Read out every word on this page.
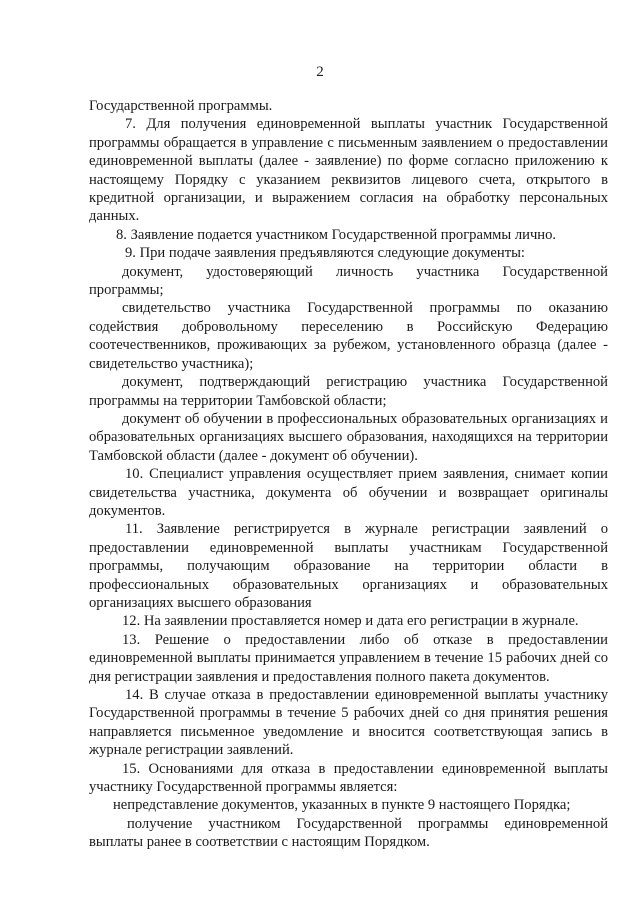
2

Государственной программы.

7. Для получения единовременной выплаты участник Государственной программы обращается в управление с письменным заявлением о предоставлении единовременной выплаты (далее - заявление) по форме согласно приложению к настоящему Порядку с указанием реквизитов лицевого счета, открытого в кредитной организации, и выражением согласия на обработку персональных данных.

8. Заявление подается участником Государственной программы лично.

9. При подаче заявления предъявляются следующие документы:

документ, удостоверяющий личность участника Государственной программы;

свидетельство участника Государственной программы по оказанию содействия добровольному переселению в Российскую Федерацию соотечественников, проживающих за рубежом, установленного образца (далее - свидетельство участника);

документ, подтверждающий регистрацию участника Государственной программы на территории Тамбовской области;

документ об обучении в профессиональных образовательных организациях и образовательных организациях высшего образования, находящихся на территории Тамбовской области (далее - документ об обучении).

10. Специалист управления осуществляет прием заявления, снимает копии свидетельства участника, документа об обучении и возвращает оригиналы документов.

11. Заявление регистрируется в журнале регистрации заявлений о предоставлении единовременной выплаты участникам Государственной программы, получающим образование на территории области в профессиональных образовательных организациях и образовательных организациях высшего образования

12. На заявлении проставляется номер и дата его регистрации в журнале.

13. Решение о предоставлении либо об отказе в предоставлении единовременной выплаты принимается управлением в течение 15 рабочих дней со дня регистрации заявления и предоставления полного пакета документов.

14. В случае отказа в предоставлении единовременной выплаты участнику Государственной программы в течение 5 рабочих дней со дня принятия решения направляется письменное уведомление и вносится соответствующая запись в журнале регистрации заявлений.

15. Основаниями для отказа в предоставлении единовременной выплаты участнику Государственной программы является:

непредставление документов, указанных в пункте 9 настоящего Порядка;

получение участником Государственной программы единовременной выплаты ранее в соответствии с настоящим Порядком.
